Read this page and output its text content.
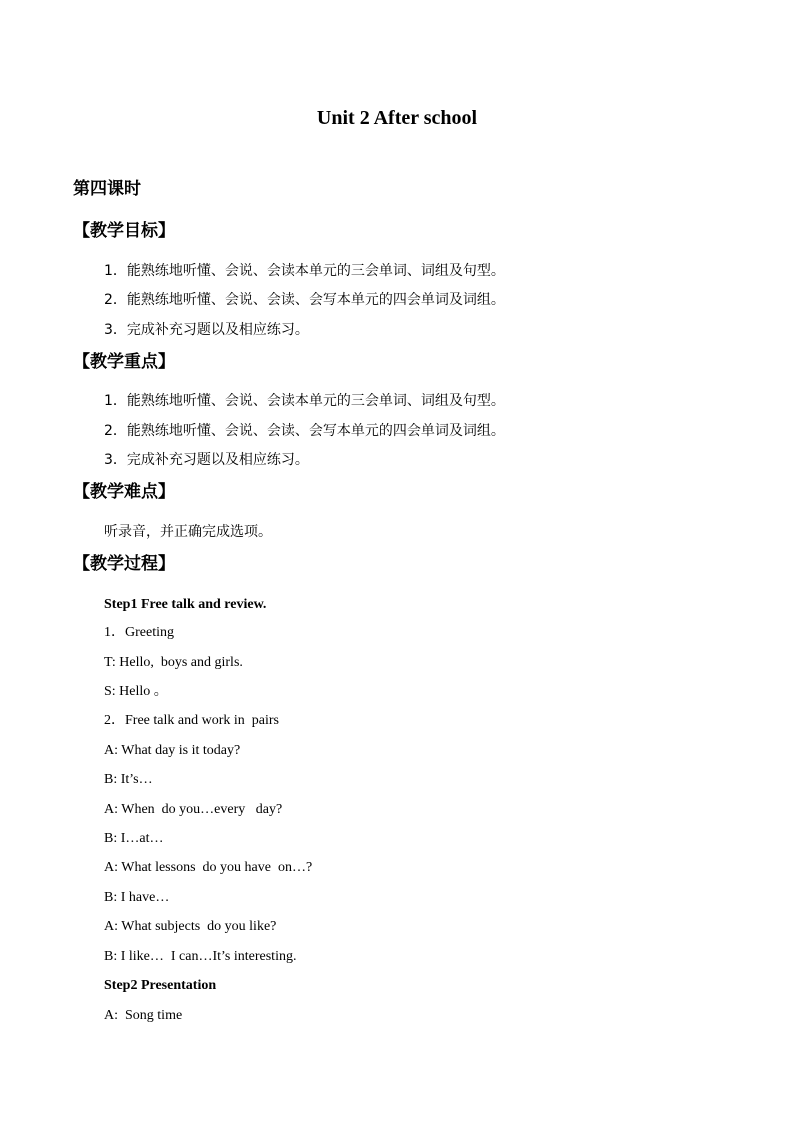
Unit 2 After school
第四课时
【教学目标】
1．能熟练地听懂、会说、会读本单元的三会单词、词组及句型。
2．能熟练地听懂、会说、会读、会写本单元的四会单词及词组。
3．完成补充习题以及相应练习。
【教学重点】
1．能熟练地听懂、会说、会读本单元的三会单词、词组及句型。
2．能熟练地听懂、会说、会读、会写本单元的四会单词及词组。
3．完成补充习题以及相应练习。
【教学难点】
听录音，并正确完成选项。
【教学过程】
Step1 Free talk and review.
1．Greeting
T: Hello,  boys and girls.
S: Hello 。
2．Free talk and work in  pairs
A: What day is it today?
B: It’s…
A: When  do you…every   day?
B: I…at…
A: What lessons  do you have  on…?
B: I have…
A: What subjects  do you like?
B: I like…  I can…It’s interesting.
Step2 Presentation
A:  Song time
